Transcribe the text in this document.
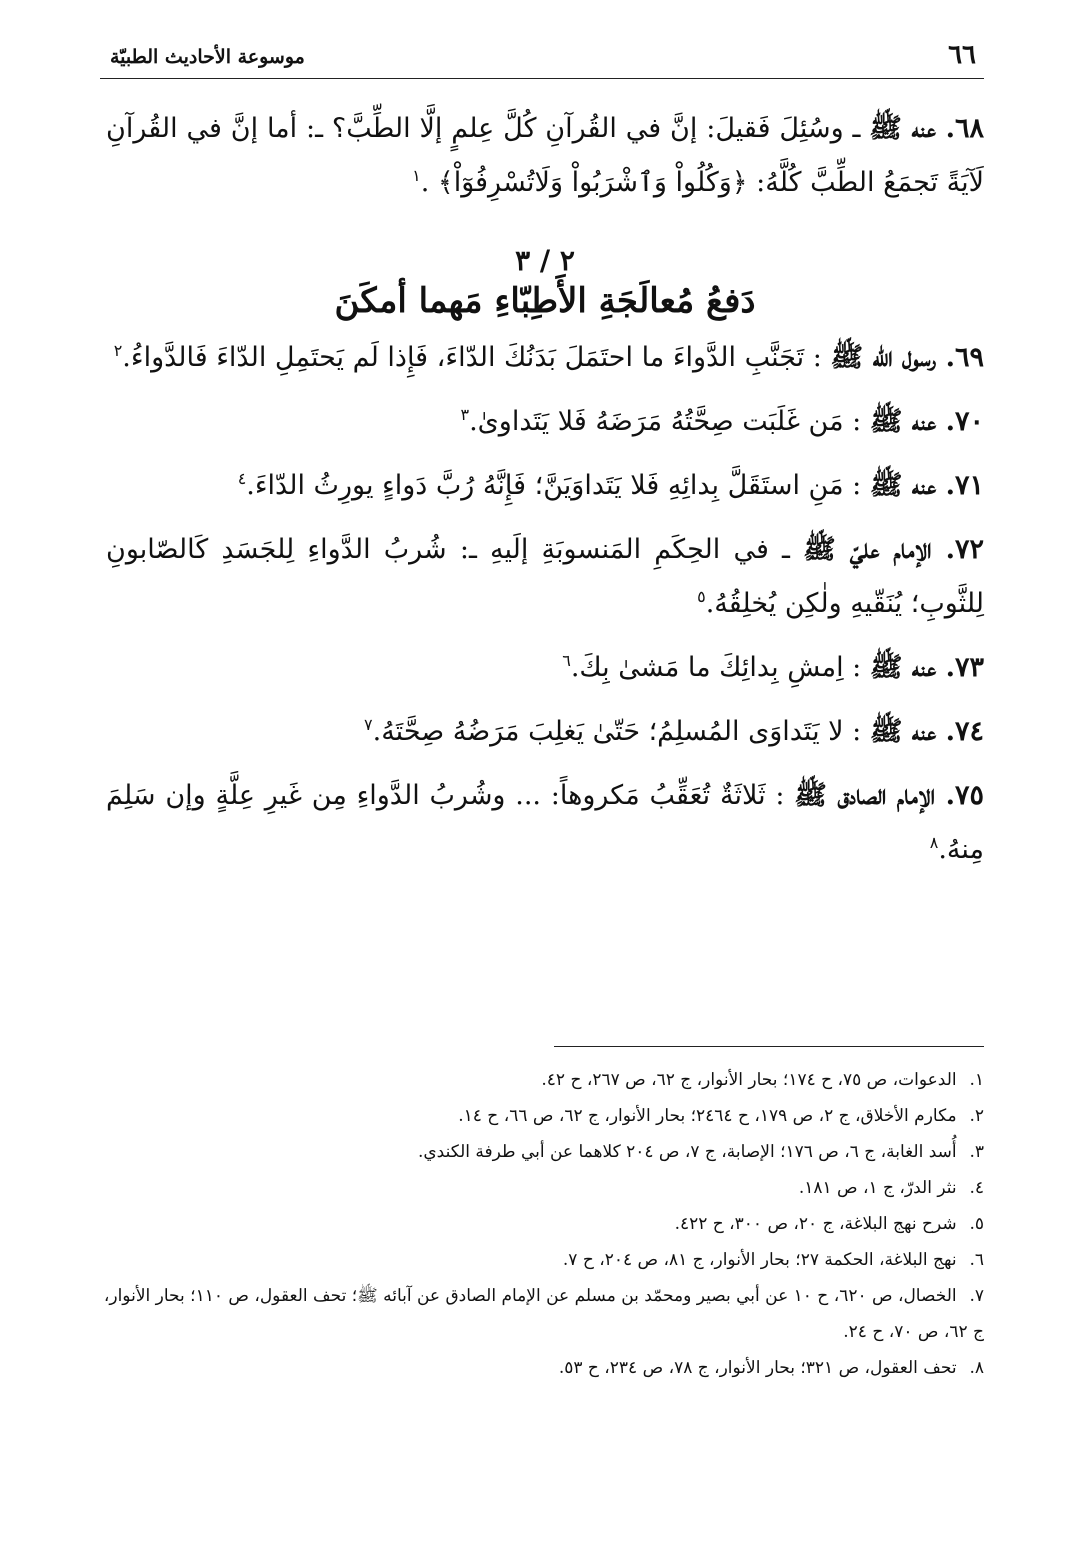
٦٦
موسوعة الأحاديث الطبيّة

٦٨. عنه ﷺ ـ وسُئِلَ فَقيلَ: إنَّ في القُرآنِ كُلَّ عِلمٍ إلَّا الطِّبَّ؟ ـ: أما إنَّ في القُرآنِ لَآيَةً تَجمَعُ الطِّبَّ كُلَّهُ: ﴿وَكُلُواْ وَٱشْرَبُواْ وَلَاتُسْرِفُوٓاْ﴾ .$^١$

٢ / ٣
دَفعُ مُعالَجَةِ الأَطِبّاءِ مَهما أمكَنَ

٦٩. رسول الله ﷺ : تَجَنَّبِ الدَّواءَ ما احتَمَلَ بَدَنُكَ الدّاءَ، فَإِذا لَم يَحتَمِلِ الدّاءَ فَالدَّواءُ.$^٢$

٧٠. عنه ﷺ : مَن غَلَبَت صِحَّتُهُ مَرَضَهُ فَلا يَتَداوىٰ.$^٣$

٧١. عنه ﷺ : مَنِ استَقَلَّ بِدائِهِ فَلا يَتَداوَيَنَّ؛ فَإِنَّهُ رُبَّ دَواءٍ يورِثُ الدّاءَ.$^٤$

٧٢. الإمام عليّ ﷺ ـ في الحِكَمِ المَنسوبَةِ إلَيهِ ـ: شُربُ الدَّواءِ لِلجَسَدِ كَالصّابونِ لِلثَّوبِ؛ يُنَقّيهِ ولٰكِن يُخلِقُهُ.$^٥$

٧٣. عنه ﷺ : اِمشِ بِدائِكَ ما مَشىٰ بِكَ.$^٦$

٧٤. عنه ﷺ : لا يَتَداوَى المُسلِمُ؛ حَتّىٰ يَغلِبَ مَرَضُهُ صِحَّتَهُ.$^٧$

٧٥. الإمام الصادق ﷺ : ثَلاثَةٌ تُعَقِّبُ مَكروهاً: ... وشُربُ الدَّواءِ مِن غَيرِ عِلَّةٍ وإن سَلِمَ مِنهُ.$^٨$

١. الدعوات، ص ٧٥، ح ١٧٤؛ بحار الأنوار، ج ٦٢، ص ٢٦٧، ح ٤٢.

٢. مكارم الأخلاق، ج ٢، ص ١٧٩، ح ٢٤٦٤؛ بحار الأنوار، ج ٦٢، ص ٦٦، ح ١٤.

٣. أُسد الغابة، ج ٦، ص ١٧٦؛ الإصابة، ج ٧، ص ٢٠٤ كلاهما عن أبي طرفة الكندي.

٤. نثر الدرّ، ج ١، ص ١٨١.

٥. شرح نهج البلاغة، ج ٢٠، ص ٣٠٠، ح ٤٢٢.

٦. نهج البلاغة، الحكمة ٢٧؛ بحار الأنوار، ج ٨١، ص ٢٠٤، ح ٧.

٧. الخصال، ص ٦٢٠، ح ١٠ عن أبي بصير ومحمّد بن مسلم عن الإمام الصادق عن آبائه ﷺ؛ تحف العقول، ص ١١٠؛ بحار الأنوار، ج ٦٢، ص ٧٠، ح ٢٤.

٨. تحف العقول، ص ٣٢١؛ بحار الأنوار، ج ٧٨، ص ٢٣٤، ح ٥٣.
